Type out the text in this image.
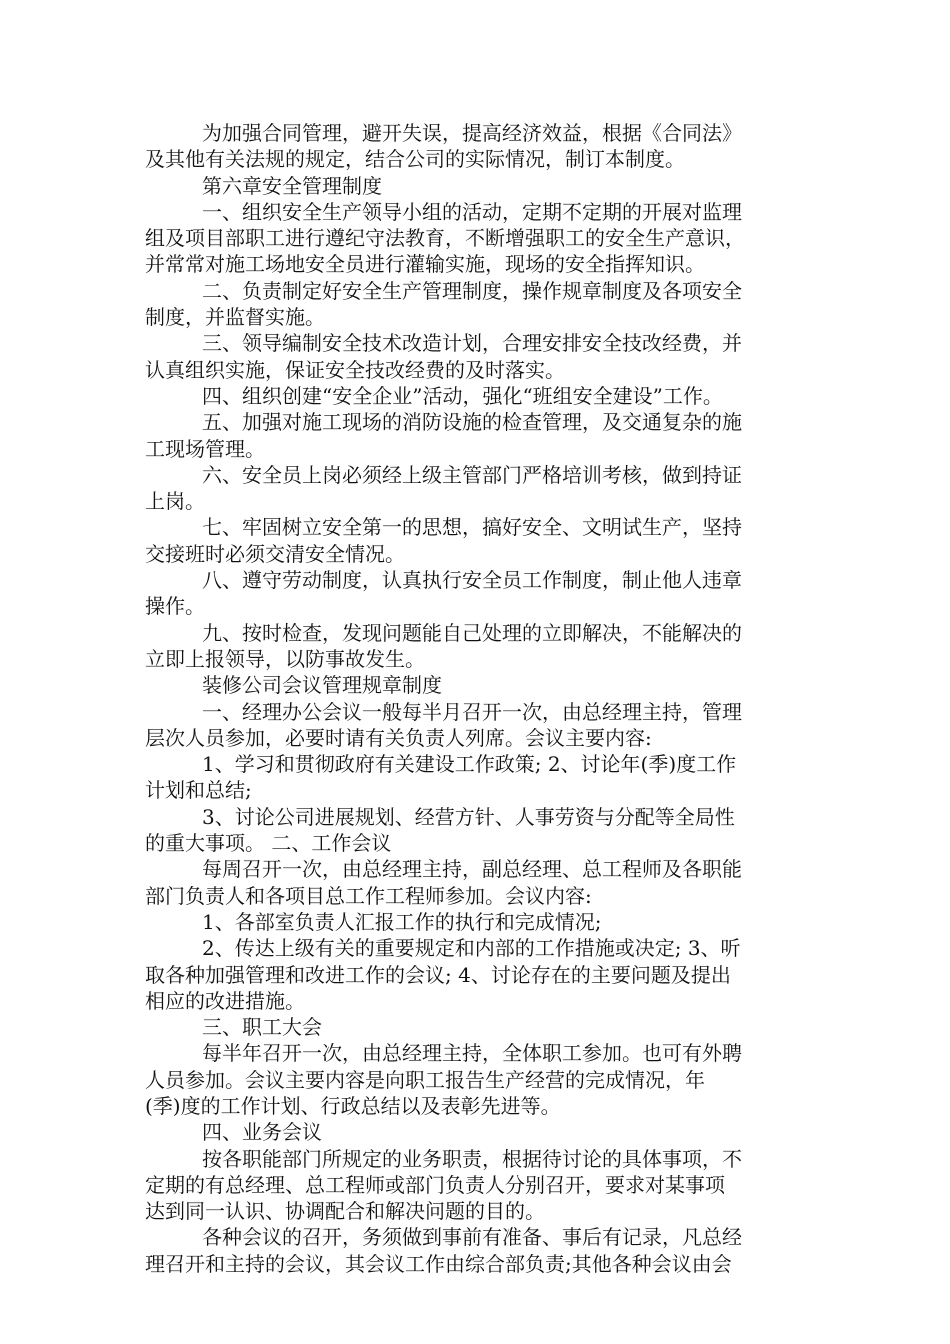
为加强合同管理，避开失误，提高经济效益，根据《合同法》
及其他有关法规的规定，结合公司的实际情况，制订本制度。
第六章安全管理制度
一、组织安全生产领导小组的活动，定期不定期的开展对监理
组及项目部职工进行遵纪守法教育，不断增强职工的安全生产意识，
并常常对施工场地安全员进行灌输实施，现场的安全指挥知识。
二、负责制定好安全生产管理制度，操作规章制度及各项安全
制度，并监督实施。
三、领导编制安全技术改造计划，合理安排安全技改经费，并
认真组织实施，保证安全技改经费的及时落实。
四、组织创建“安全企业”活动，强化“班组安全建设”工作。
五、加强对施工现场的消防设施的检查管理，及交通复杂的施
工现场管理。
六、安全员上岗必须经上级主管部门严格培训考核，做到持证
上岗。
七、牢固树立安全第一的思想，搞好安全、文明试生产，坚持
交接班时必须交清安全情况。
八、遵守劳动制度，认真执行安全员工作制度，制止他人违章
操作。
九、按时检查，发现问题能自己处理的立即解决，不能解决的
立即上报领导，以防事故发生。
装修公司会议管理规章制度
一、经理办公会议一般每半月召开一次，由总经理主持，管理
层次人员参加，必要时请有关负责人列席。会议主要内容:
1、学习和贯彻政府有关建设工作政策; 2、讨论年(季)度工作
计划和总结;
3、讨论公司进展规划、经营方针、人事劳资与分配等全局性
的重大事项。 二、工作会议
每周召开一次，由总经理主持，副总经理、总工程师及各职能
部门负责人和各项目总工作工程师参加。会议内容:
1、各部室负责人汇报工作的执行和完成情况;
2、传达上级有关的重要规定和内部的工作措施或决定; 3、听
取各种加强管理和改进工作的会议; 4、讨论存在的主要问题及提出
相应的改进措施。
三、职工大会
每半年召开一次，由总经理主持，全体职工参加。也可有外聘
人员参加。会议主要内容是向职工报告生产经营的完成情况，年
(季)度的工作计划、行政总结以及表彰先进等。
四、业务会议
按各职能部门所规定的业务职责，根据待讨论的具体事项，不
定期的有总经理、总工程师或部门负责人分别召开，要求对某事项
达到同一认识、协调配合和解决问题的目的。
各种会议的召开，务须做到事前有准备、事后有记录，凡总经
理召开和主持的会议，其会议工作由综合部负责;其他各种会议由会
